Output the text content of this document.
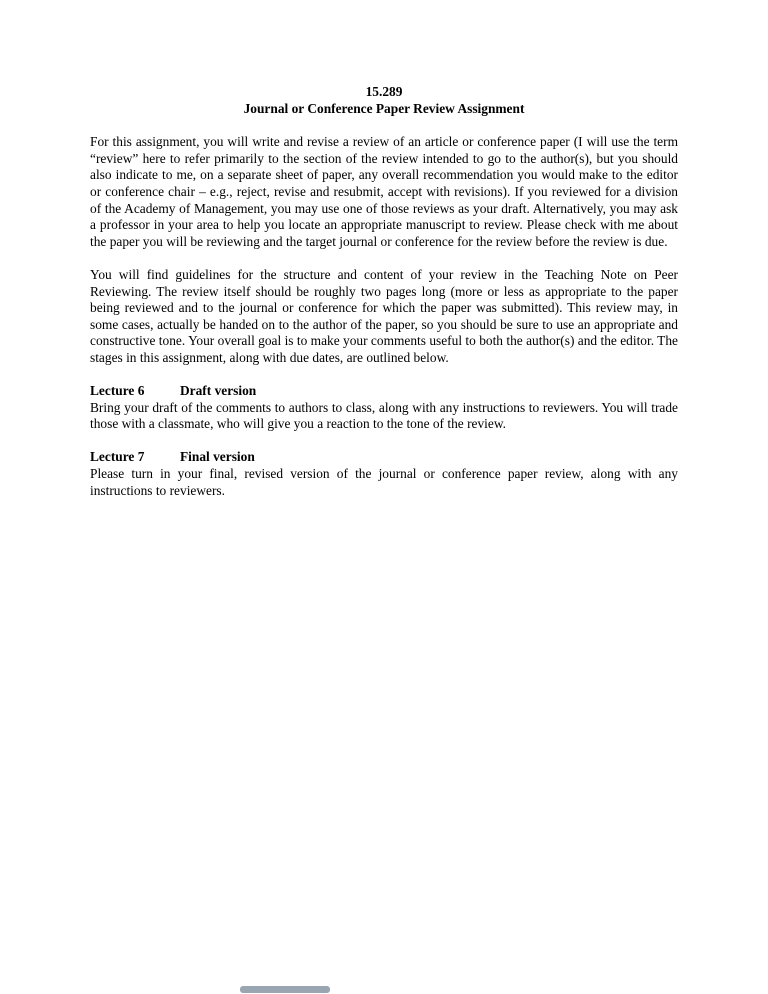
15.289
Journal or Conference Paper Review Assignment

For this assignment, you will write and revise a review of an article or conference paper (I will use the term “review” here to refer primarily to the section of the review intended to go to the author(s), but you should also indicate to me, on a separate sheet of paper, any overall recommendation you would make to the editor or conference chair – e.g., reject, revise and resubmit, accept with revisions). If you reviewed for a division of the Academy of Management, you may use one of those reviews as your draft. Alternatively, you may ask a professor in your area to help you locate an appropriate manuscript to review. Please check with me about the paper you will be reviewing and the target journal or conference for the review before the review is due.

You will find guidelines for the structure and content of your review in the Teaching Note on Peer Reviewing. The review itself should be roughly two pages long (more or less as appropriate to the paper being reviewed and to the journal or conference for which the paper was submitted). This review may, in some cases, actually be handed on to the author of the paper, so you should be sure to use an appropriate and constructive tone. Your overall goal is to make your comments useful to both the author(s) and the editor. The stages in this assignment, along with due dates, are outlined below.

Lecture 6	Draft version

Bring your draft of the comments to authors to class, along with any instructions to reviewers. You will trade those with a classmate, who will give you a reaction to the tone of the review.

Lecture 7	Final version

Please turn in your final, revised version of the journal or conference paper review, along with any instructions to reviewers.
